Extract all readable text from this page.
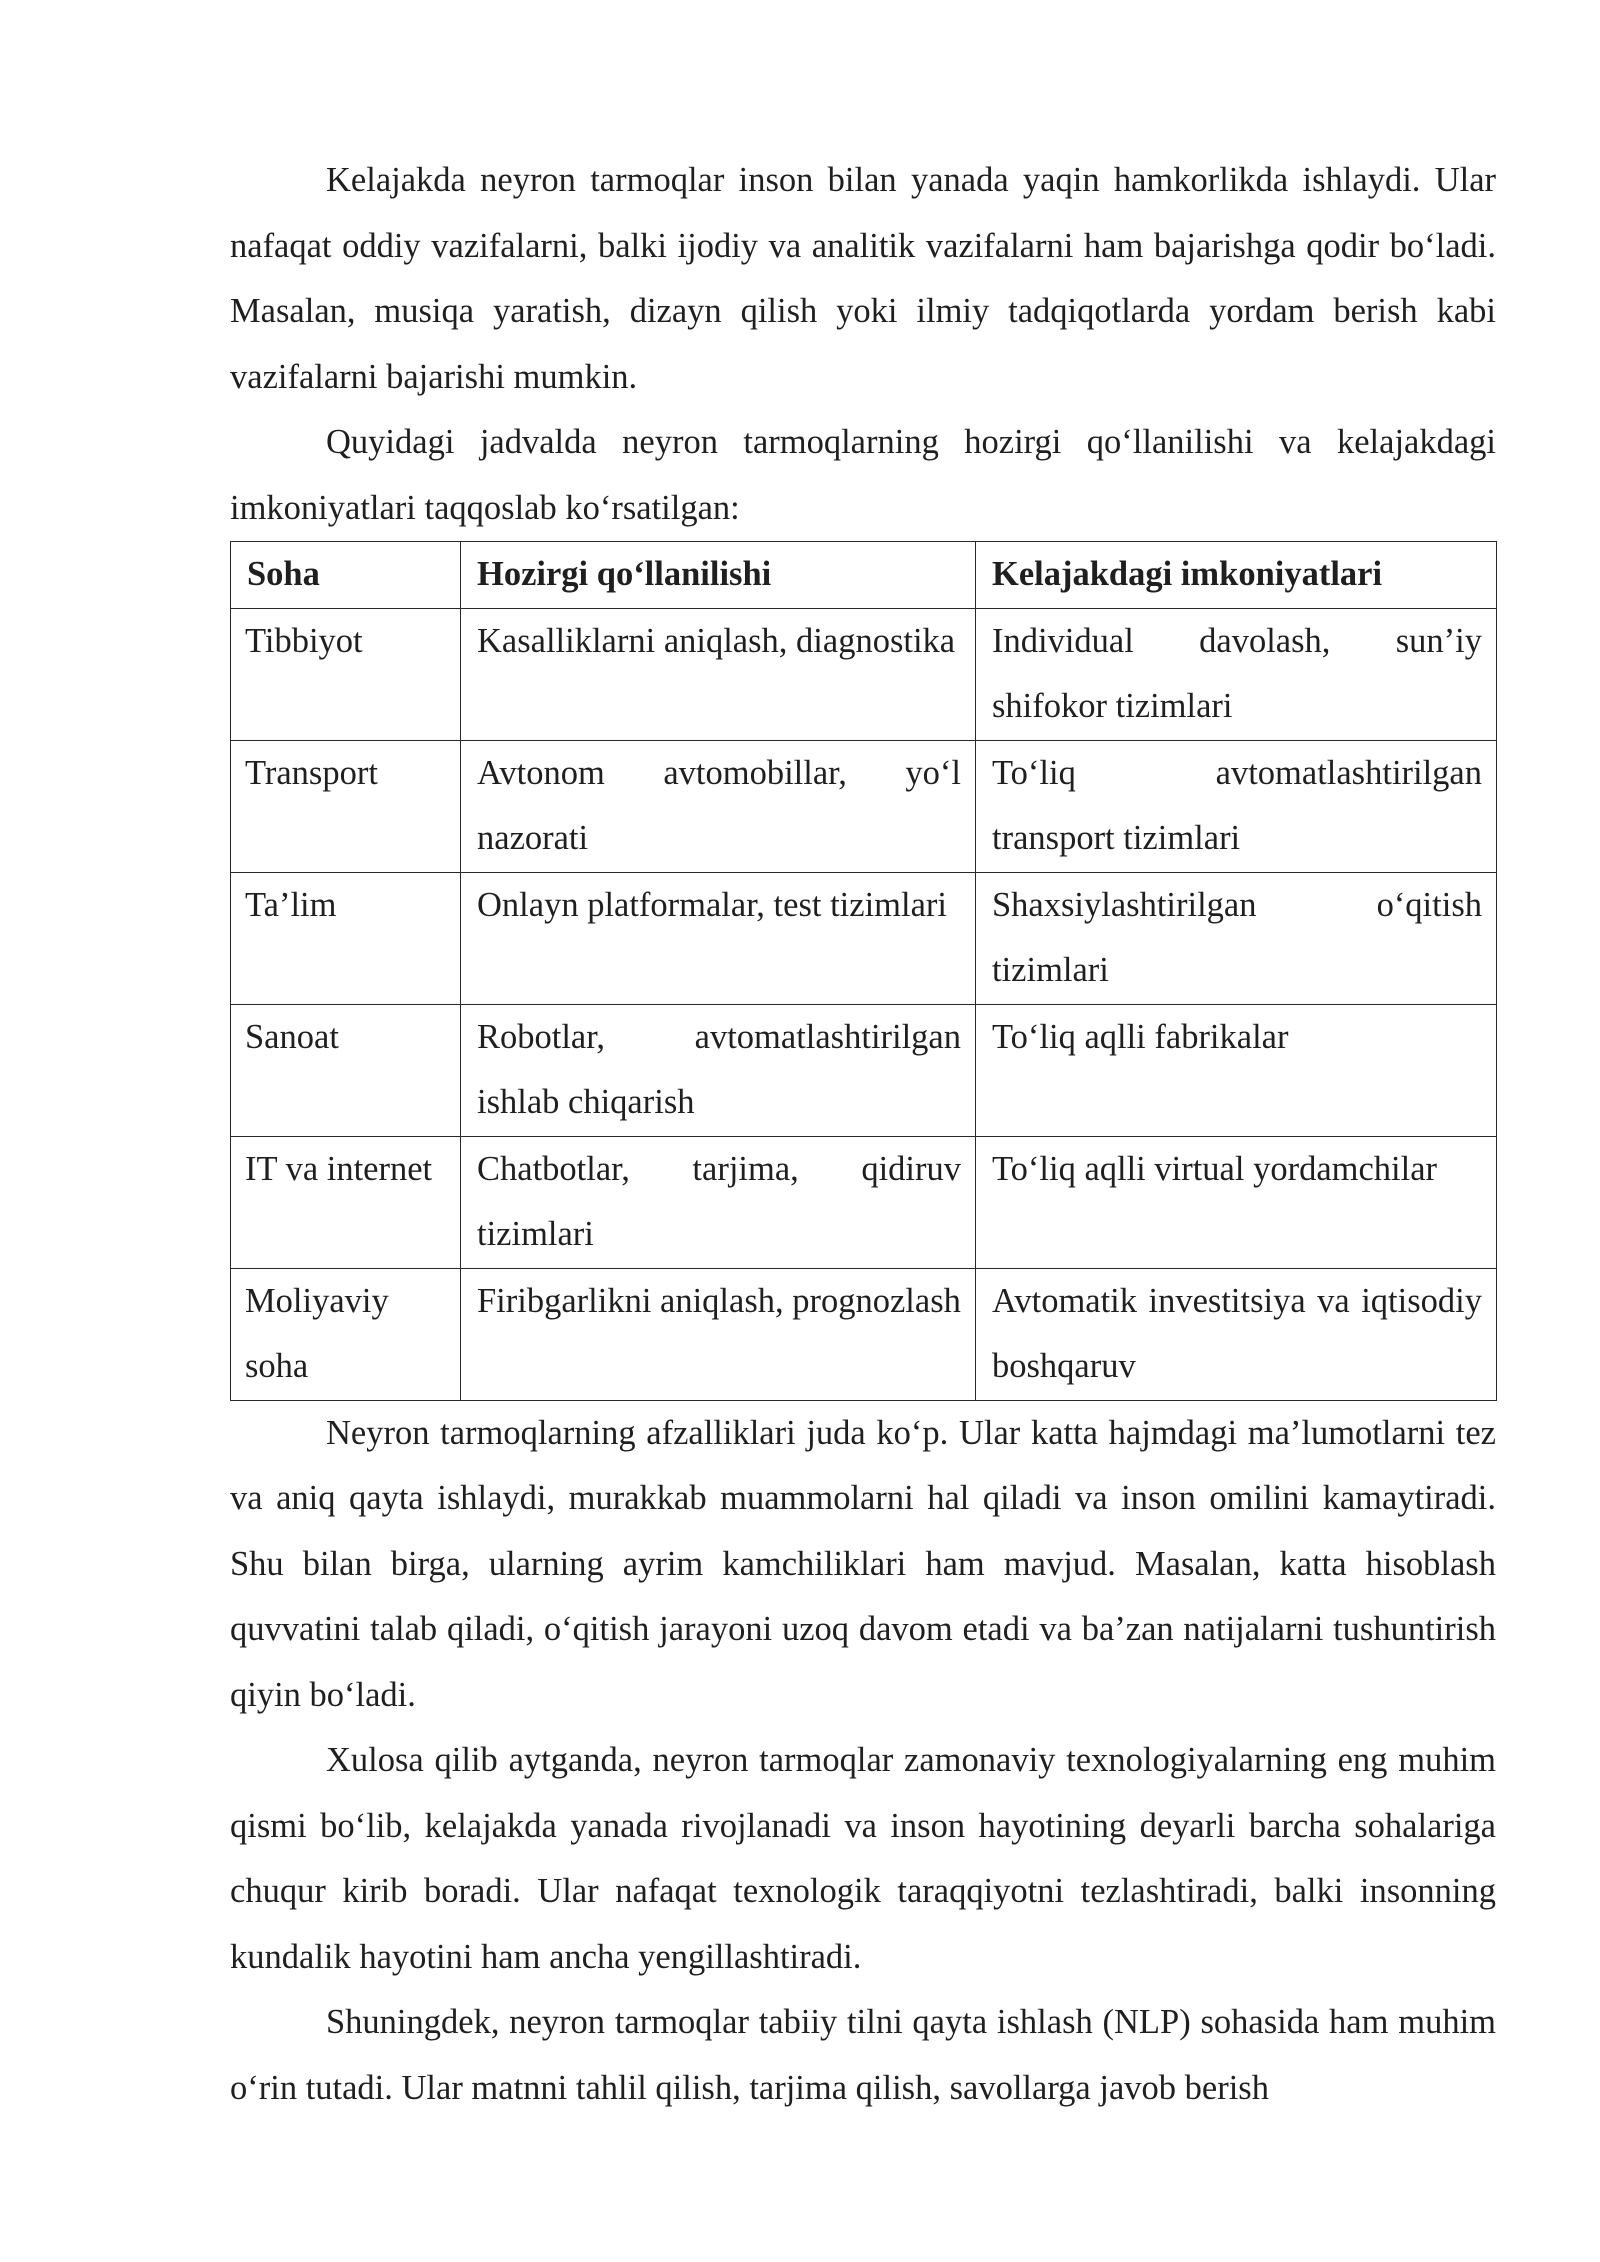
Kelajakda neyron tarmoqlar inson bilan yanada yaqin hamkorlikda ishlaydi. Ular nafaqat oddiy vazifalarni, balki ijodiy va analitik vazifalarni ham bajarishga qodir bo‘ladi. Masalan, musiqa yaratish, dizayn qilish yoki ilmiy tadqiqotlarda yordam berish kabi vazifalarni bajarishi mumkin.

Quyidagi jadvalda neyron tarmoqlarning hozirgi qo‘llanilishi va kelajakdagi imkoniyatlari taqqoslab ko‘rsatilgan:

Soha	Hozirgi qo‘llanilishi	Kelajakdagi imkoniyatlari
Tibbiyot	Kasalliklarni aniqlash, diagnostika	Individual davolash, sun’iy shifokor tizimlari
Transport	Avtonom avtomobillar, yo‘l nazorati	To‘liq avtomatlashtirilgan transport tizimlari
Ta’lim	Onlayn platformalar, test tizimlari	Shaxsiylashtirilgan o‘qitish tizimlari
Sanoat	Robotlar, avtomatlashtirilgan ishlab chiqarish	To‘liq aqlli fabrikalar
IT va internet	Chatbotlar, tarjima, qidiruv tizimlari	To‘liq aqlli virtual yordamchilar
Moliyaviy soha	Firibgarlikni aniqlash, prognozlash	Avtomatik investitsiya va iqtisodiy boshqaruv

Neyron tarmoqlarning afzalliklari juda ko‘p. Ular katta hajmdagi ma’lumotlarni tez va aniq qayta ishlaydi, murakkab muammolarni hal qiladi va inson omilini kamaytiradi. Shu bilan birga, ularning ayrim kamchiliklari ham mavjud. Masalan, katta hisoblash quvvatini talab qiladi, o‘qitish jarayoni uzoq davom etadi va ba’zan natijalarni tushuntirish qiyin bo‘ladi.

Xulosa qilib aytganda, neyron tarmoqlar zamonaviy texnologiyalarning eng muhim qismi bo‘lib, kelajakda yanada rivojlanadi va inson hayotining deyarli barcha sohalariga chuqur kirib boradi. Ular nafaqat texnologik taraqqiyotni tezlashtiradi, balki insonning kundalik hayotini ham ancha yengillashtiradi.

Shuningdek, neyron tarmoqlar tabiiy tilni qayta ishlash (NLP) sohasida ham muhim o‘rin tutadi. Ular matnni tahlil qilish, tarjima qilish, savollarga javob berish
